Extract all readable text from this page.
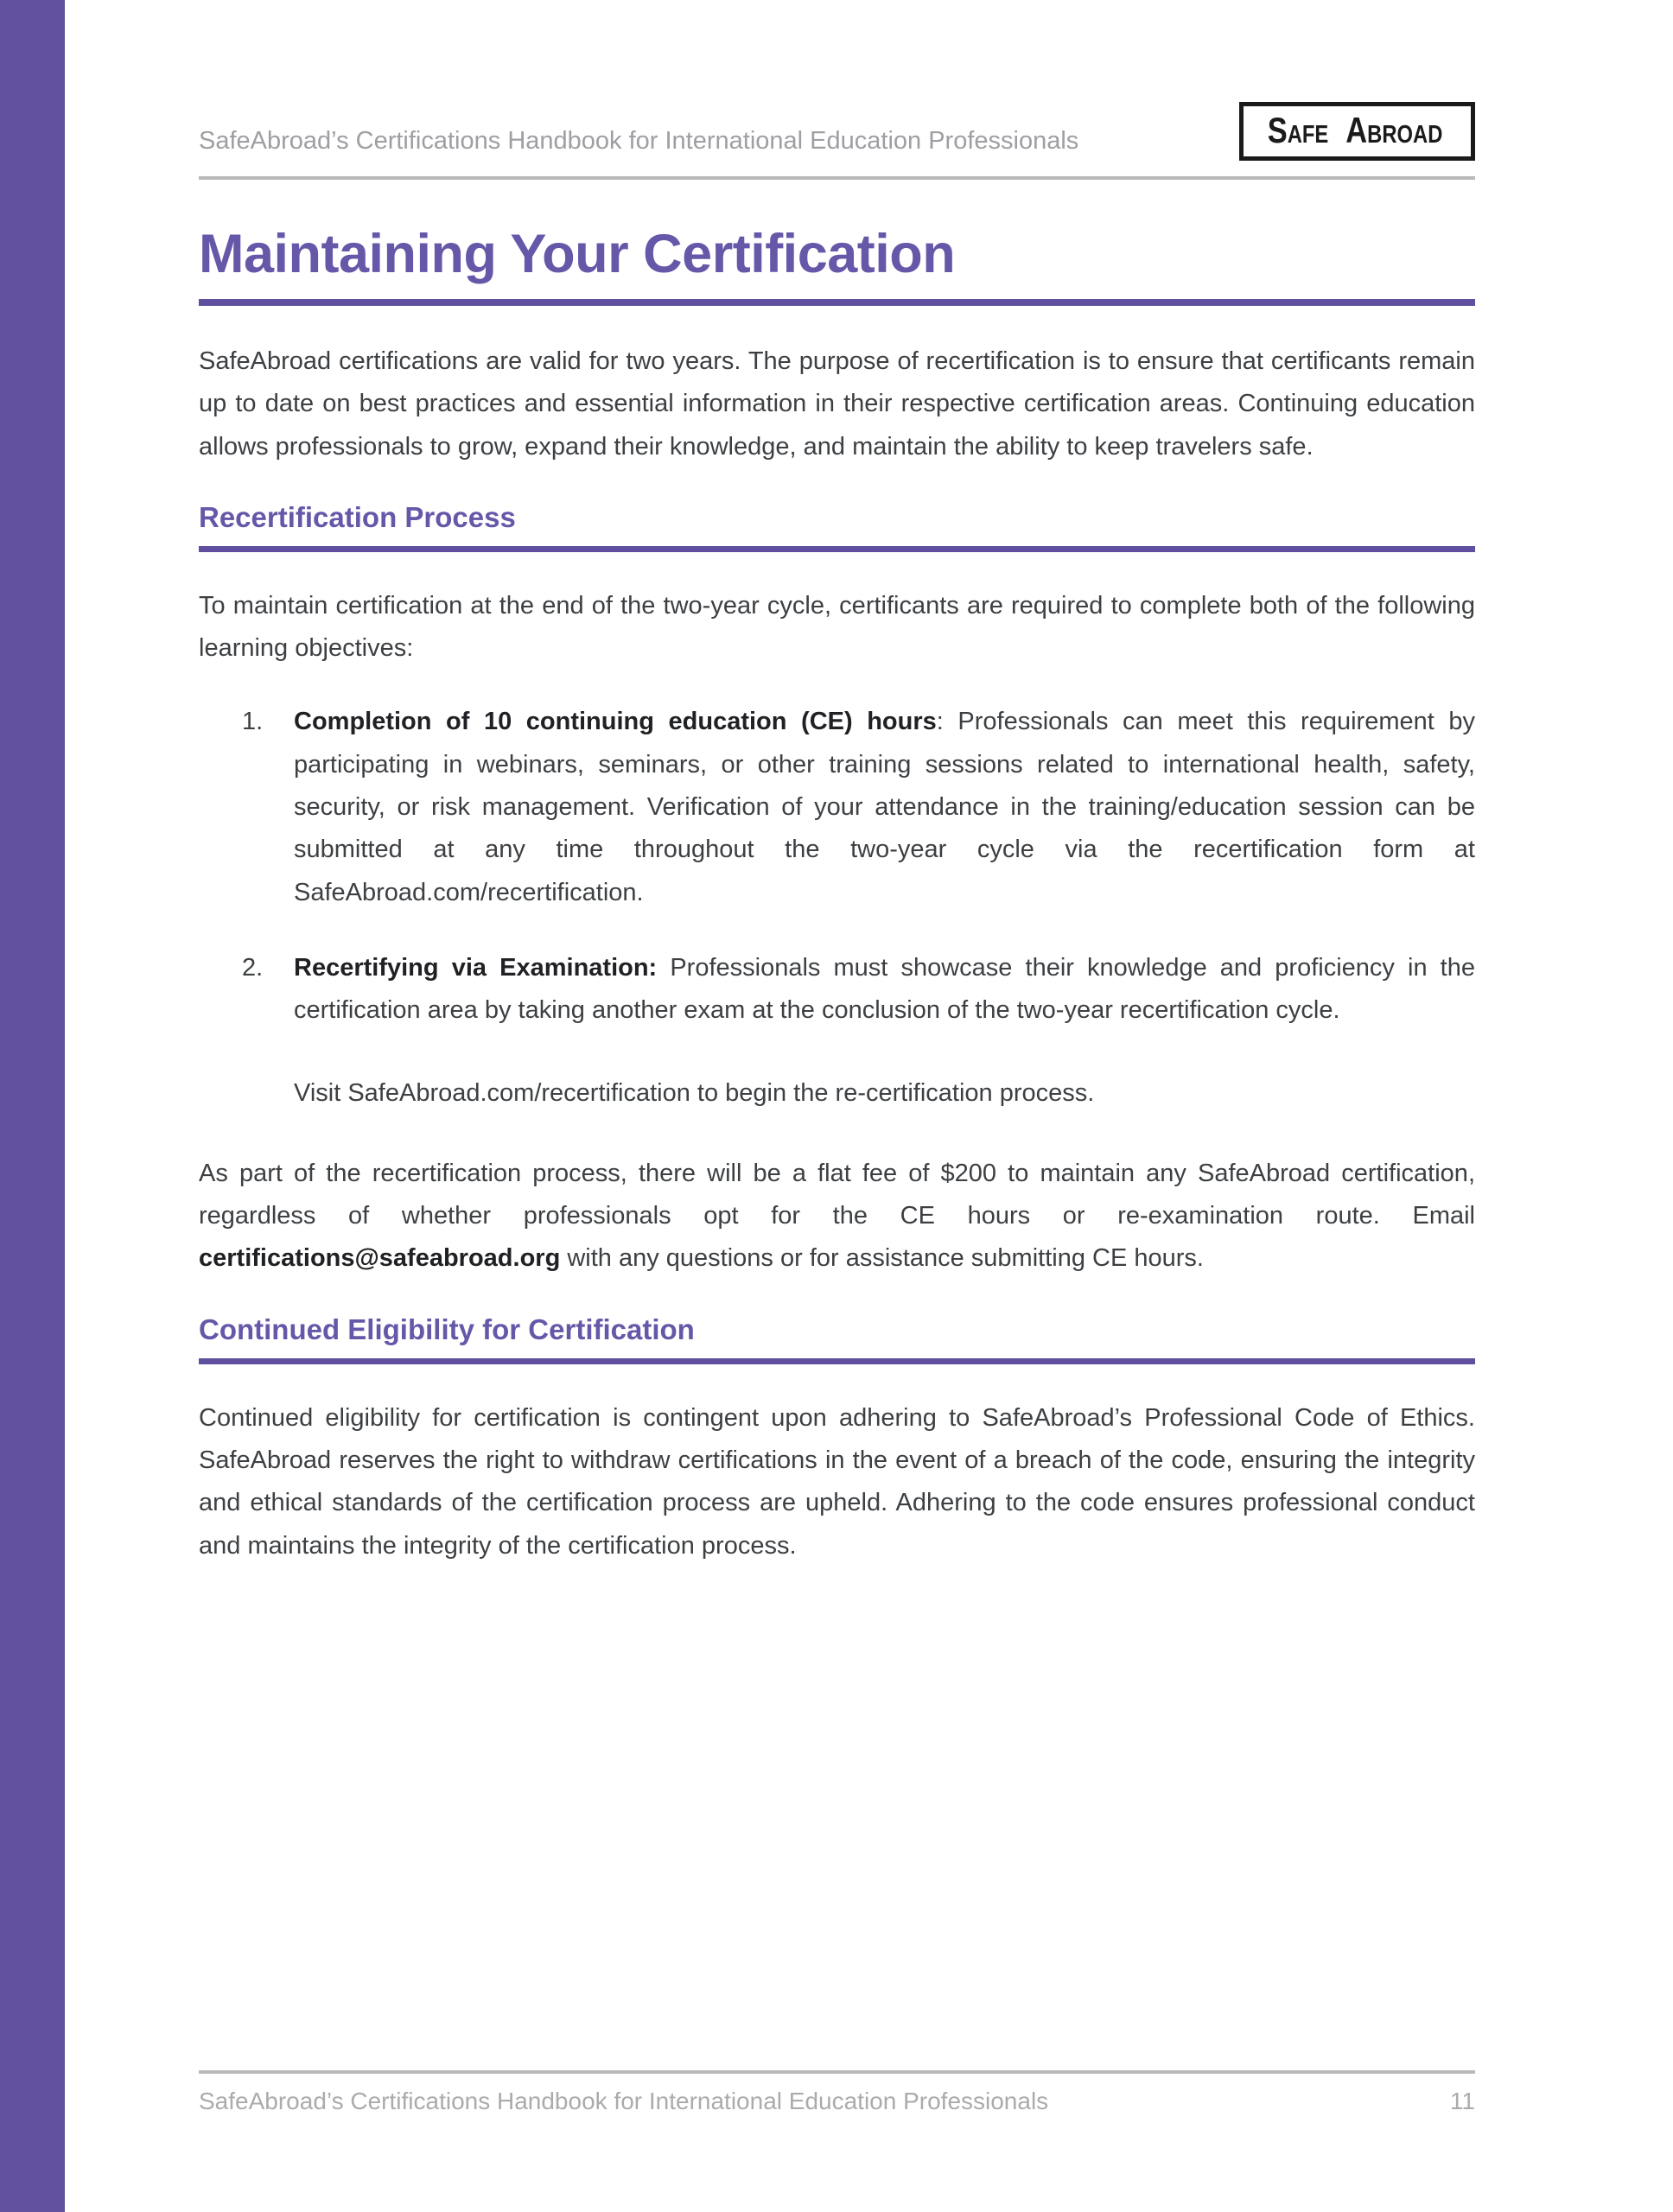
SafeAbroad’s Certifications Handbook for International Education Professionals	SAFE ABROAD
Maintaining Your Certification

SafeAbroad certifications are valid for two years. The purpose of recertification is to ensure that certificants remain up to date on best practices and essential information in their respective certification areas. Continuing education allows professionals to grow, expand their knowledge, and maintain the ability to keep travelers safe.

Recertification Process

To maintain certification at the end of the two-year cycle, certificants are required to complete both of the following learning objectives:

1.	Completion of 10 continuing education (CE) hours: Professionals can meet this requirement by participating in webinars, seminars, or other training sessions related to international health, safety, security, or risk management. Verification of your attendance in the training/education session can be submitted at any time throughout the two-year cycle via the recertification form at SafeAbroad.com/recertification.

2.	Recertifying via Examination: Professionals must showcase their knowledge and proficiency in the certification area by taking another exam at the conclusion of the two-year recertification cycle.

Visit SafeAbroad.com/recertification to begin the re-certification process.

As part of the recertification process, there will be a flat fee of $200 to maintain any SafeAbroad certification, regardless of whether professionals opt for the CE hours or re-examination route. Email certifications@safeabroad.org with any questions or for assistance submitting CE hours.

Continued Eligibility for Certification

Continued eligibility for certification is contingent upon adhering to SafeAbroad’s Professional Code of Ethics. SafeAbroad reserves the right to withdraw certifications in the event of a breach of the code, ensuring the integrity and ethical standards of the certification process are upheld. Adhering to the code ensures professional conduct and maintains the integrity of the certification process.

SafeAbroad’s Certifications Handbook for International Education Professionals	11
